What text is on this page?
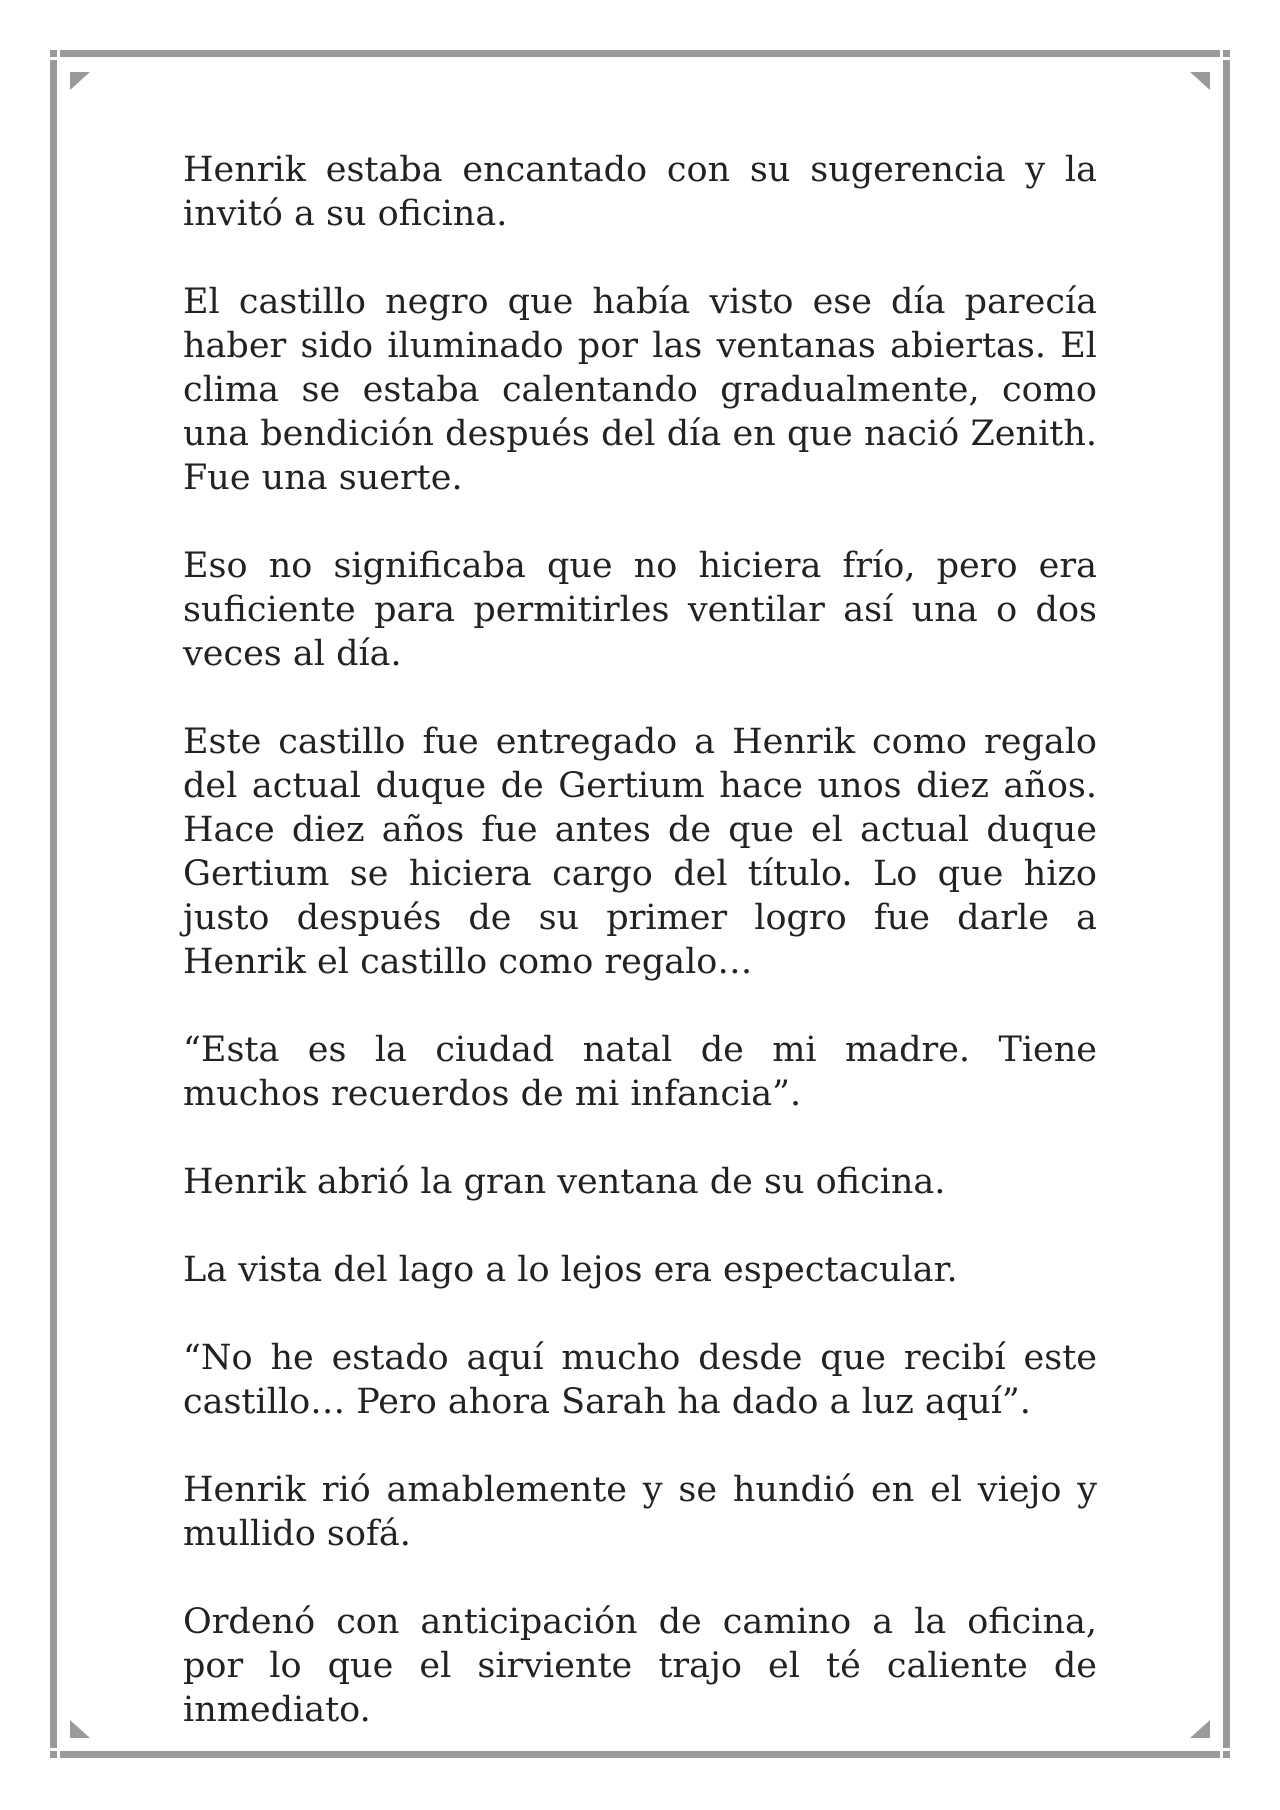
Henrik estaba encantado con su sugerencia y la invitó a su oficina.

El castillo negro que había visto ese día parecía haber sido iluminado por las ventanas abiertas. El clima se estaba calentando gradualmente, como una bendición después del día en que nació Zenith. Fue una suerte.

Eso no significaba que no hiciera frío, pero era suficiente para permitirles ventilar así una o dos veces al día.

Este castillo fue entregado a Henrik como regalo del actual duque de Gertium hace unos diez años. Hace diez años fue antes de que el actual duque Gertium se hiciera cargo del título. Lo que hizo justo después de su primer logro fue darle a Henrik el castillo como regalo…

“Esta es la ciudad natal de mi madre. Tiene muchos recuerdos de mi infancia”.

Henrik abrió la gran ventana de su oficina.

La vista del lago a lo lejos era espectacular.

“No he estado aquí mucho desde que recibí este castillo… Pero ahora Sarah ha dado a luz aquí”.

Henrik rió amablemente y se hundió en el viejo y mullido sofá.

Ordenó con anticipación de camino a la oficina, por lo que el sirviente trajo el té caliente de inmediato.
